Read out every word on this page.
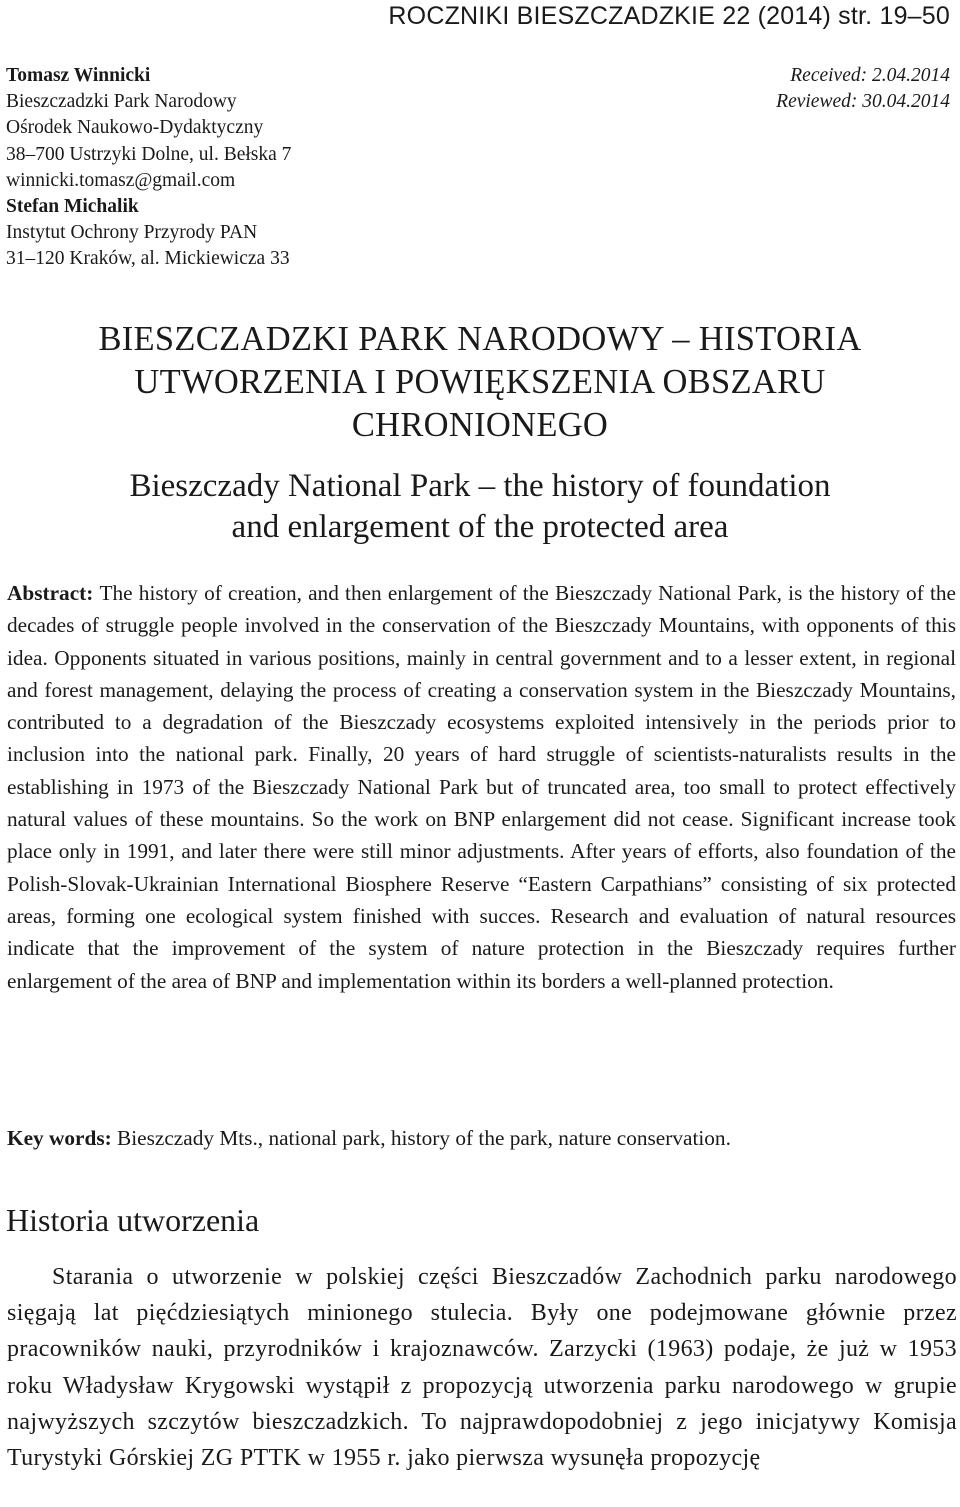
ROCZNIKI BIESZCZADZKIE 22 (2014) str. 19–50
Tomasz Winnicki
Bieszczadzki Park Narodowy
Ośrodek Naukowo-Dydaktyczny
38–700 Ustrzyki Dolne, ul. Bełska 7
winnicki.tomasz@gmail.com
Stefan Michalik
Instytut Ochrony Przyrody PAN
31–120 Kraków, al. Mickiewicza 33
Received: 2.04.2014
Reviewed: 30.04.2014
BIESZCZADZKI PARK NARODOWY – HISTORIA
UTWORZENIA I POWIĘKSZENIA OBSZARU
CHRONIONEGO
Bieszczady National Park – the history of foundation
and enlargement of the protected area
Abstract: The history of creation, and then enlargement of the Bieszczady National Park, is the history of the decades of struggle people involved in the conservation of the Bieszczady Mountains, with opponents of this idea. Opponents situated in various positions, mainly in central government and to a lesser extent, in regional and forest management, delaying the process of creating a conservation system in the Bieszczady Mountains, contributed to a degradation of the Bieszczady ecosystems exploited intensively in the periods prior to inclusion into the national park. Finally, 20 years of hard struggle of scientists-naturalists results in the establishing in 1973 of the Bieszczady National Park but of truncated area, too small to protect effectively natural values of these mountains. So the work on BNP enlargement did not cease. Significant increase took place only in 1991, and later there were still minor adjustments. After years of efforts, also foundation of the Polish-Slovak-Ukrainian International Biosphere Reserve “Eastern Carpathians” consisting of six protected areas, forming one ecological system finished with succes. Research and evaluation of natural resources indicate that the improvement of the system of nature protection in the Bieszczady requires further enlargement of the area of BNP and implementation within its borders a well-planned protection.
Key words: Bieszczady Mts., national park, history of the park, nature conservation.
Historia utworzenia
Starania o utworzenie w polskiej części Bieszczadów Zachodnich parku narodowego sięgają lat pięćdziesiątych minionego stulecia. Były one podejmowane głównie przez pracowników nauki, przyrodników i krajoznawców. Zarzycki (1963) podaje, że już w 1953 roku Władysław Krygowski wystąpił z propozycją utworzenia parku narodowego w grupie najwyższych szczytów bieszczadzkich. To najprawdopodobniej z jego inicjatywy Komisja Turystyki Górskiej ZG PTTK w 1955 r. jako pierwsza wysunęła propozycję
